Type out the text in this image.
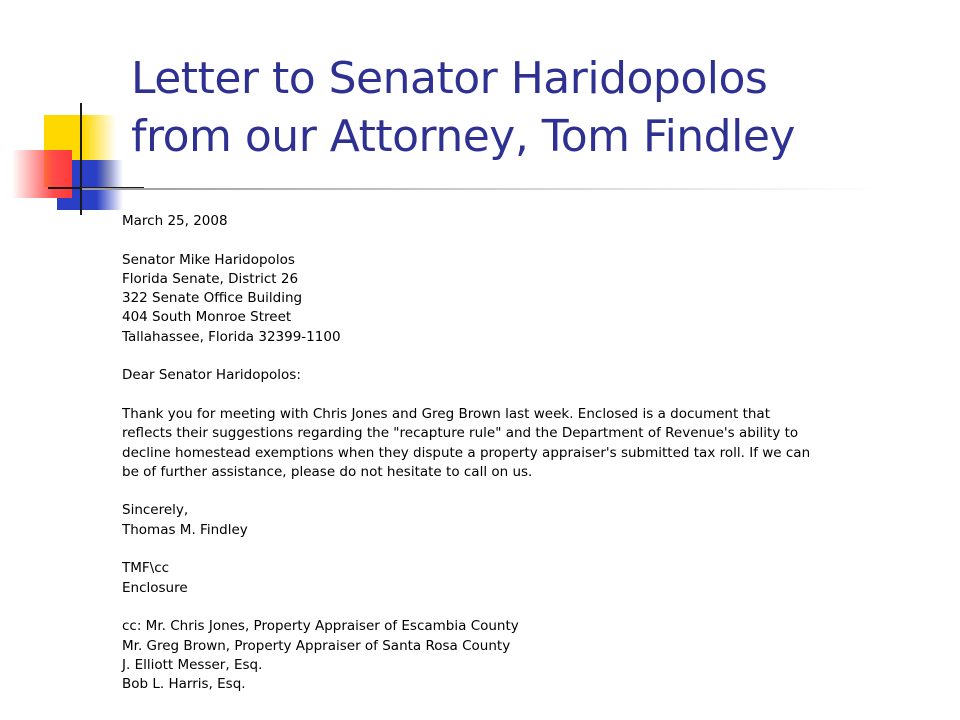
Letter to Senator Haridopolos
from our Attorney, Tom Findley

March 25, 2008

Senator Mike Haridopolos

Florida Senate, District 26

322 Senate Office Building

404 South Monroe Street

Tallahassee, Florida 32399-1100

Dear Senator Haridopolos:

Thank you for meeting with Chris Jones and Greg Brown last week. Enclosed is a document that

reflects their suggestions regarding the "recapture rule" and the Department of Revenue's ability to

decline homestead exemptions when they dispute a property appraiser's submitted tax roll. If we can

be of further assistance, please do not hesitate to call on us.

Sincerely,

Thomas M. Findley

TMF\cc

Enclosure

cc: Mr. Chris Jones, Property Appraiser of Escambia County

Mr. Greg Brown, Property Appraiser of Santa Rosa County

J. Elliott Messer, Esq.

Bob L. Harris, Esq.
